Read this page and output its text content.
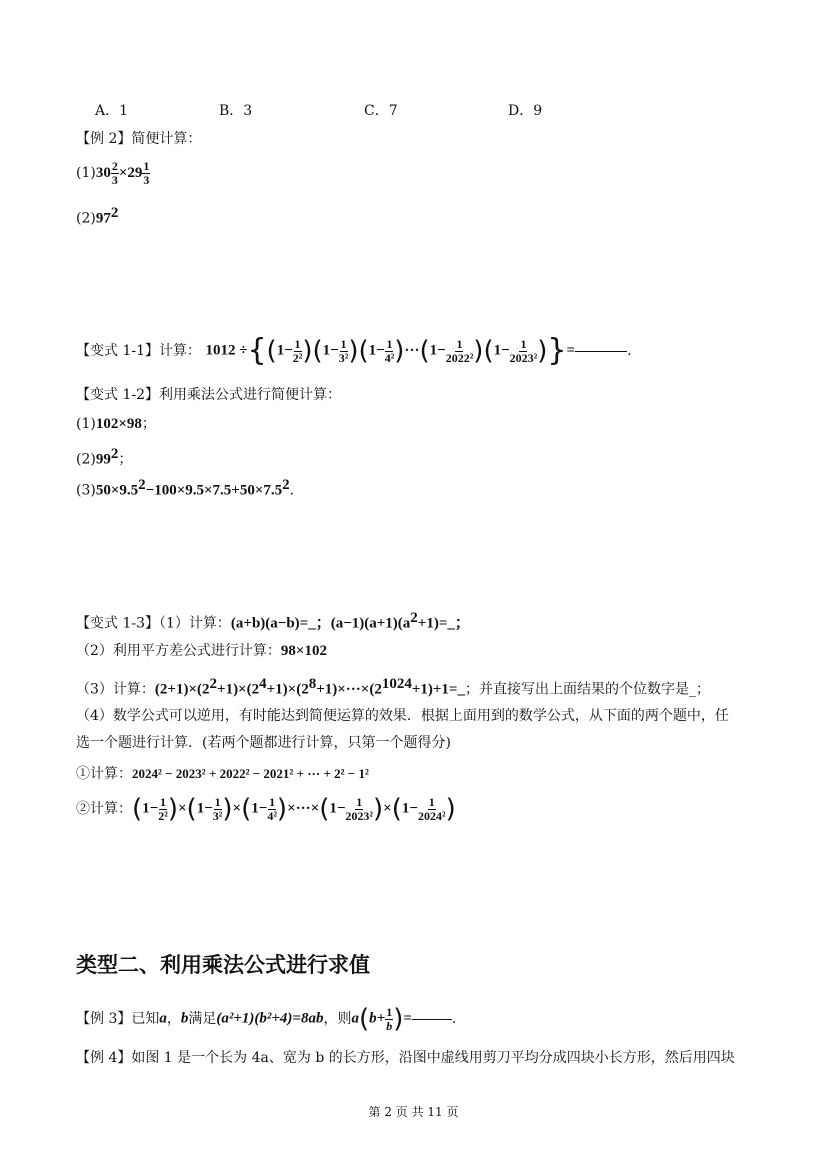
A．1	B．3	C．7	D．9
【例 2】简便计算：
$(1)30 \frac{2}{3} \times 29 \frac{1}{3}$
$(2)97^2$
【变式 1-1】计算： $1012 \div\{(1- \frac{1}{\text{2²}} )(1- \frac{1}{\text{3²}} )(1- \frac{1}{\text{4²}} )\cdot\cdot\cdot(1- \frac{1}{\text{2022²}} )(1- \frac{1}{\text{2023²}}$ )}=	.
【变式 1-2】利用乘法公式进行简便计算：
(1)102×98；
$(2)99^2$；
$(3)50\times 9.5^2-100\times 9.5\times 7.5+50\times 7.5^2$.
【变式 1-3】（1）计算：(a+b)(a−b)=_；$(a-1)(a+1)(a^2+1)=\_$；
（2）利用平方差公式进行计算：98×102
（3）计算：$(2+1)\times(2^2+1)\times(2^4+1)\times(2^8+1)\times\cdot\cdot\cdot\times(2^{1024}+1)+1=\_$；并直接写出上面结果的个位数字是_；
（4）数学公式可以逆用，有时能达到简便运算的效果．根据上面用到的数学公式，从下面的两个题中，任
选一个题进行计算．(若两个题都进行计算，只第一个题得分)
①计算：2024² − 2023² + 2022² − 2021² + ··· + 2² − 1²
②计算：$(1- \frac{1}{\text{2²}} )\times(1- \frac{1}{\text{3²}} )\times(1- \frac{1}{\text{4²}} )\times\cdot\cdot\cdot\times(1- \frac{1}{\text{2023²}} )\times(1- \frac{1}{\text{2024²}}$ )
类型二、利用乘法公式进行求值
【例 3】已知a，b满足(a²+1)(b²+4)=8ab，则$a(b+ \frac{1}{b}$ )=	.
【例 4】如图 1 是一个长为 4a、宽为 b 的长方形，沿图中虚线用剪刀平均分成四块小长方形，然后用四块
第 2 页 共 11 页
